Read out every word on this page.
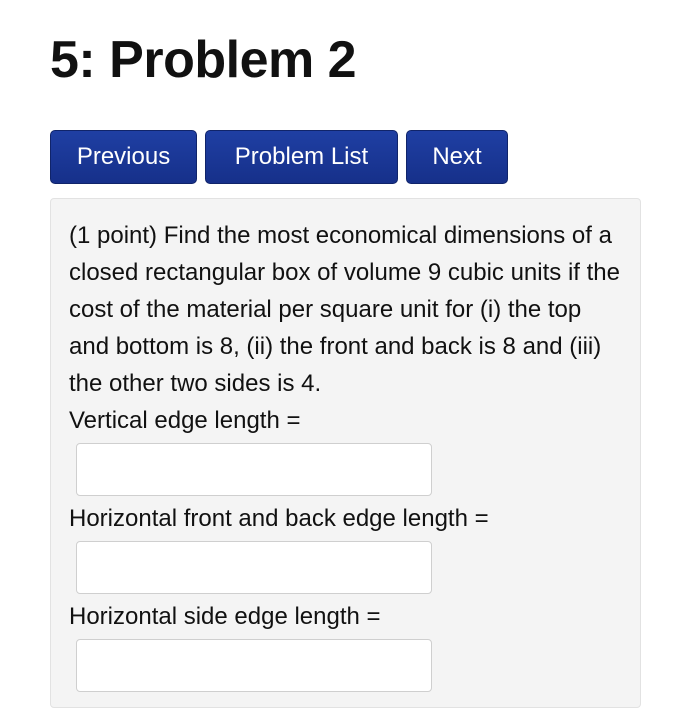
5: Problem 2
Previous	Problem List	Next

(1 point) Find the most economical dimensions of a closed rectangular box of volume 9 cubic units if the cost of the material per square unit for (i) the top and bottom is 8, (ii) the front and back is 8 and (iii) the other two sides is 4.

Vertical edge length =
Horizontal front and back edge length =
Horizontal side edge length =
